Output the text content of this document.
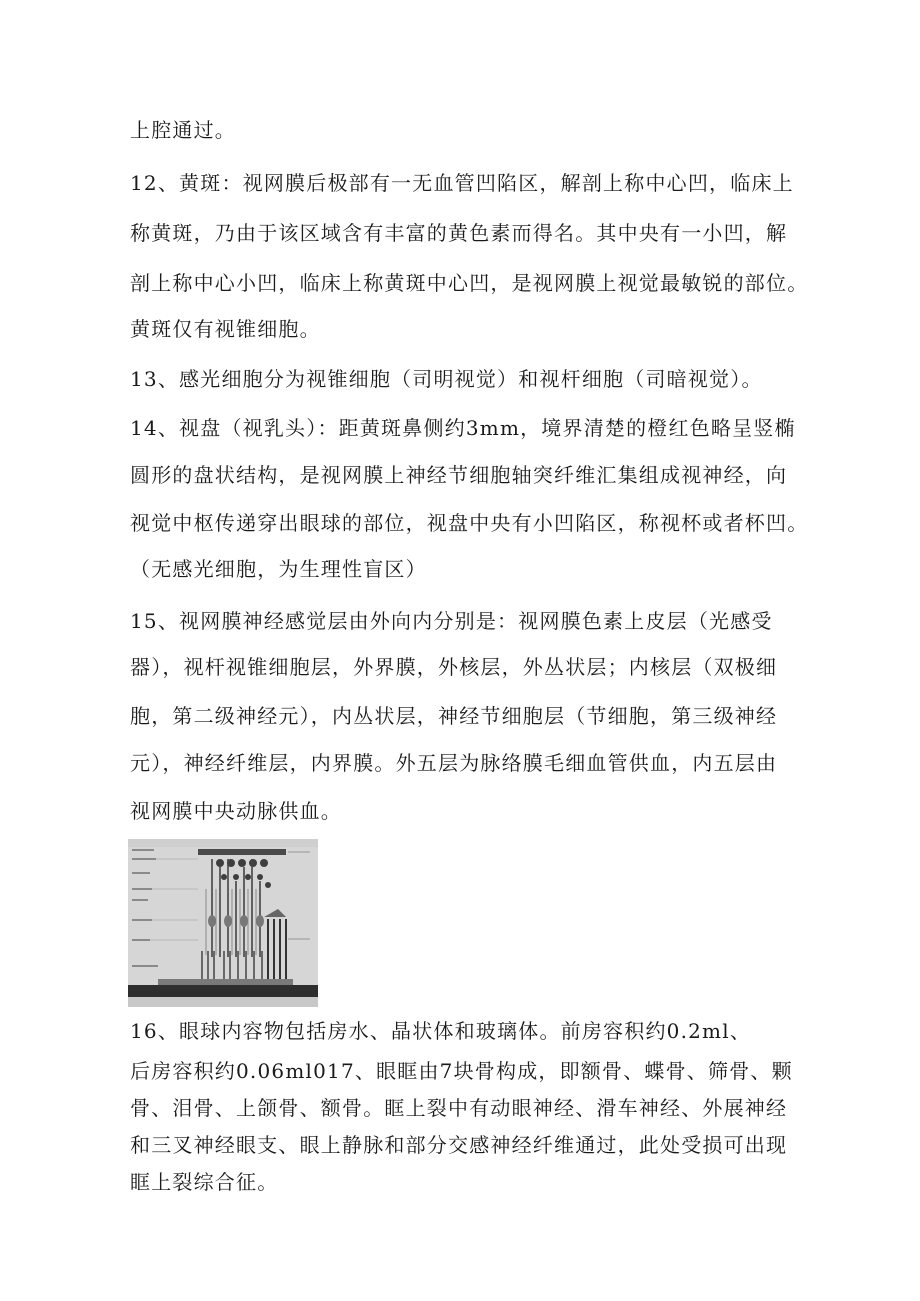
上腔通过。
12、黄斑：视网膜后极部有一无血管凹陷区，解剖上称中心凹，临床上
称黄斑，乃由于该区域含有丰富的黄色素而得名。其中央有一小凹，解
剖上称中心小凹，临床上称黄斑中心凹，是视网膜上视觉最敏锐的部位。
黄斑仅有视锥细胞。
13、感光细胞分为视锥细胞（司明视觉）和视杆细胞（司暗视觉）。
14、视盘（视乳头）：距黄斑鼻侧约3mm，境界清楚的橙红色略呈竖椭
圆形的盘状结构，是视网膜上神经节细胞轴突纤维汇集组成视神经，向
视觉中枢传递穿出眼球的部位，视盘中央有小凹陷区，称视杯或者杯凹。
（无感光细胞，为生理性盲区）
15、视网膜神经感觉层由外向内分别是：视网膜色素上皮层（光感受
器），视杆视锥细胞层，外界膜，外核层，外丛状层；内核层（双极细
胞，第二级神经元），内丛状层，神经节细胞层（节细胞，第三级神经
元），神经纤维层，内界膜。外五层为脉络膜毛细血管供血，内五层由
视网膜中央动脉供血。
16、眼球内容物包括房水、晶状体和玻璃体。前房容积约0.2ml、
后房容积约0.06ml017、眼眶由7块骨构成，即额骨、蝶骨、筛骨、颗
骨、泪骨、上颌骨、额骨。眶上裂中有动眼神经、滑车神经、外展神经
和三叉神经眼支、眼上静脉和部分交感神经纤维通过，此处受损可出现
眶上裂综合征。
